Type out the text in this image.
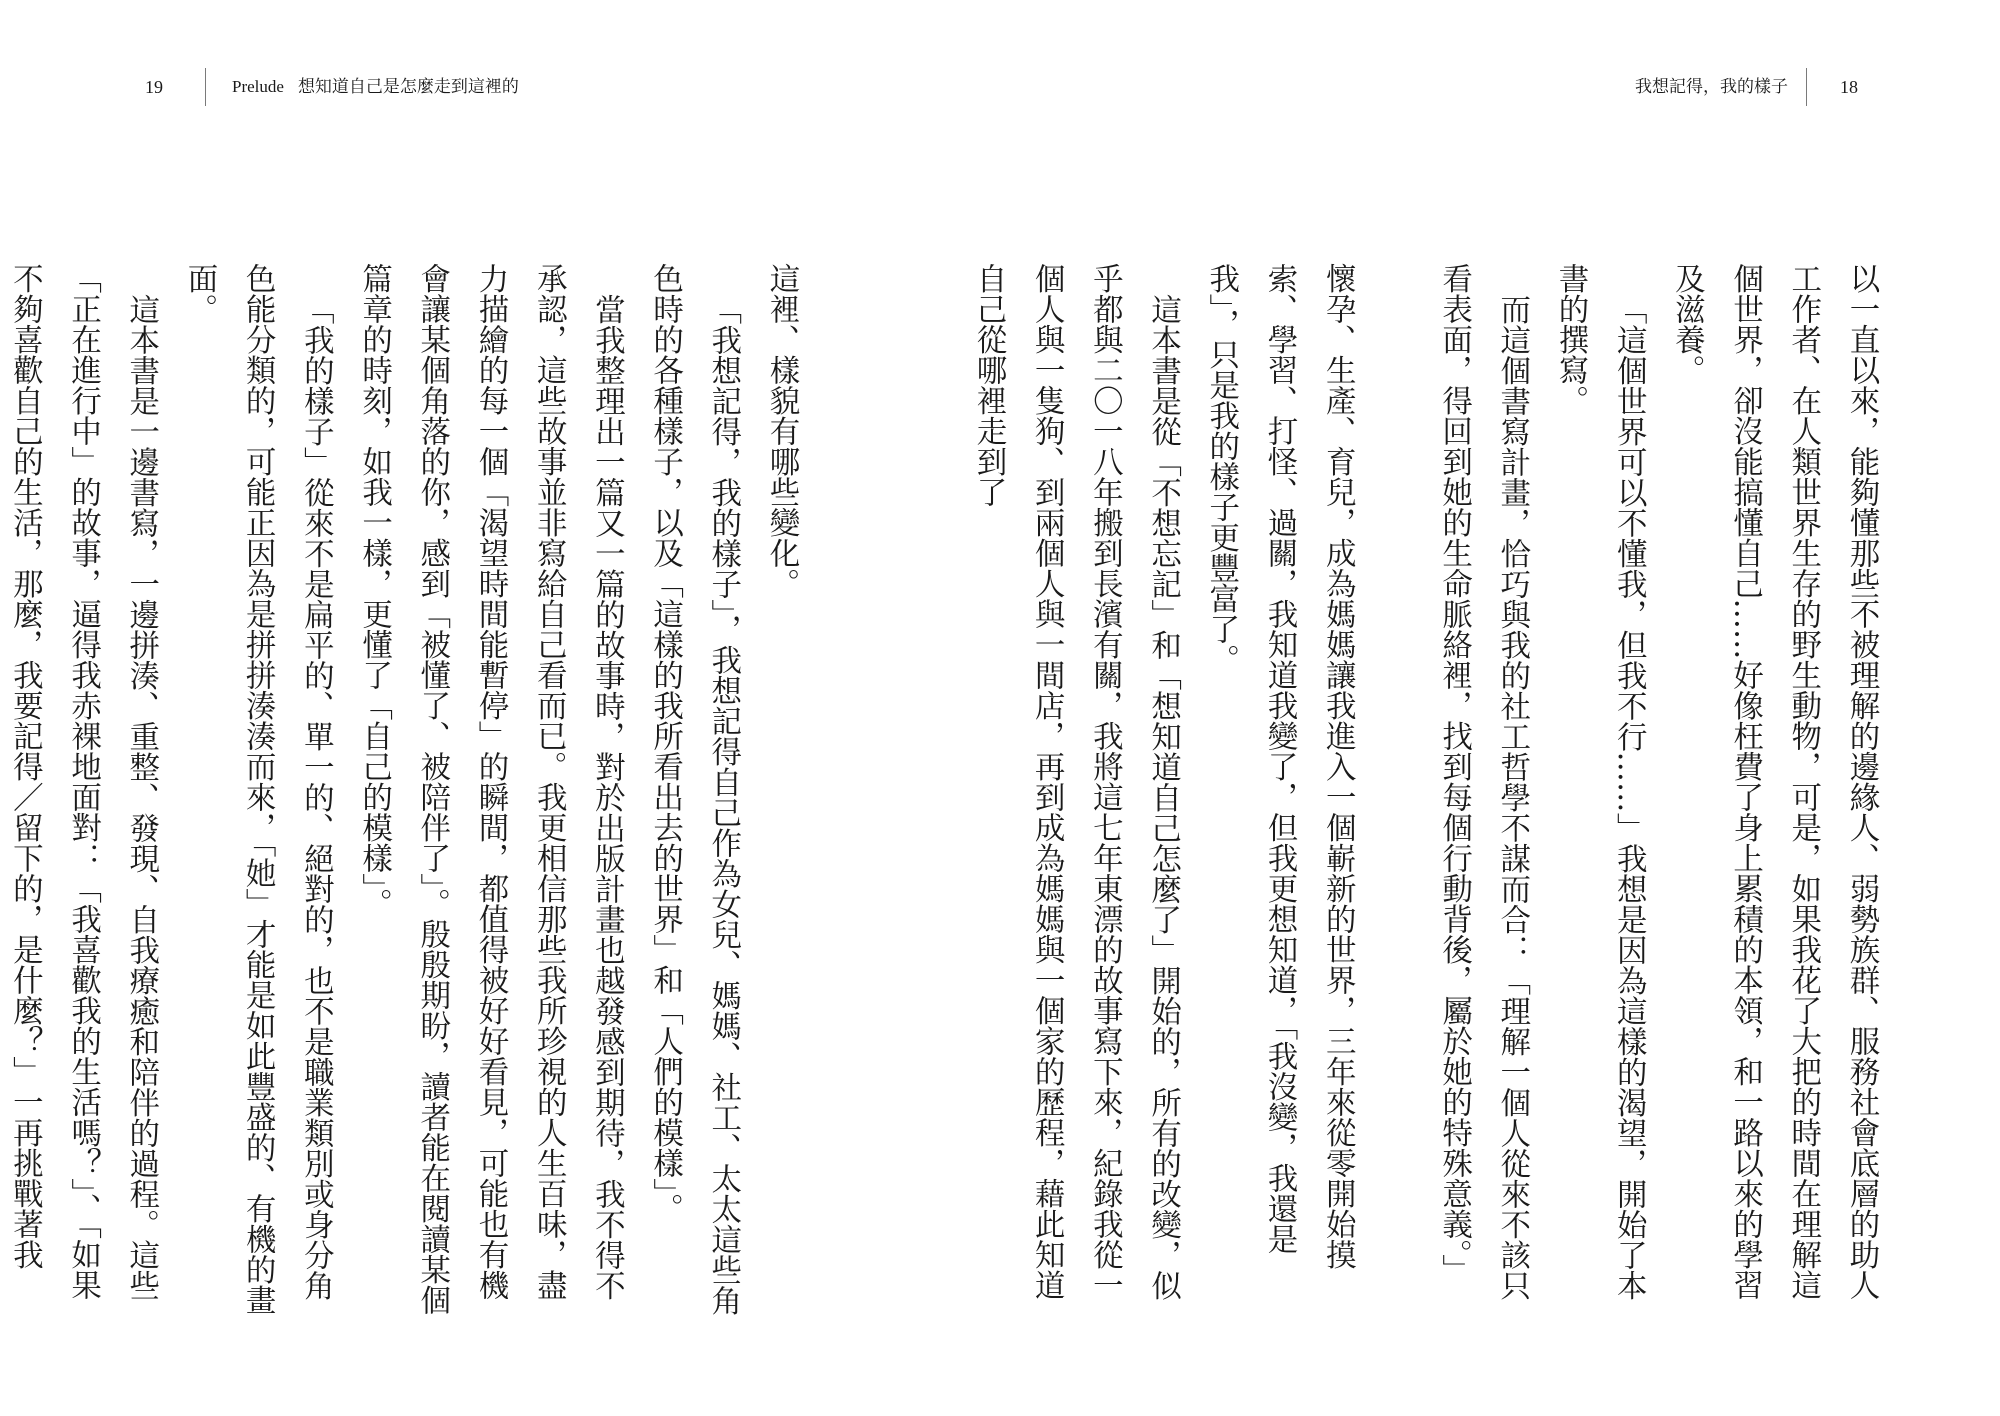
19	Prelude 想知道自己是怎麼走到這裡的	我想記得，我的樣子	18

這裡、樣貌有哪些變化。

「我想記得，我的樣子」，我想記得自己作為女兒、媽媽、社工、太太這些角色時的各種樣子，以及「這樣的我所看出去的世界」和「人們的模樣」。

當我整理出一篇又一篇的故事時，對於出版計畫也越發感到期待，我不得不承認，這些故事並非寫給自己看而已。我更相信那些我所珍視的人生百味，盡力描繪的每一個「渴望時間能暫停」的瞬間，都值得被好好看見，可能也有機會讓某個角落的你，感到「被懂了、被陪伴了」。殷殷期盼，讀者能在閱讀某個篇章的時刻，如我一樣，更懂了「自己的模樣」。

「我的樣子」從來不是扁平的、單一的、絕對的，也不是職業類別或身分角色能分類的，可能正因為是拼拼湊湊而來，「她」才能是如此豐盛的、有機的畫面。

這本書是一邊書寫，一邊拼湊、重整、發現、自我療癒和陪伴的過程。這些「正在進行中」的故事，逼得我赤裸地面對：「我喜歡我的生活嗎？」、「如果不夠喜歡自己的生活，那麼，我要記得／留下的，是什麼？」一再挑戰著我	以一直以來，能夠懂那些不被理解的邊緣人、弱勢族群、服務社會底層的助人工作者、在人類世界生存的野生動物，可是，如果我花了大把的時間在理解這個世界，卻沒能搞懂自己……好像枉費了身上累積的本領，和一路以來的學習及滋養。

「這個世界可以不懂我，但我不行……」我想是因為這樣的渴望，開始了本書的撰寫。

而這個書寫計畫，恰巧與我的社工哲學不謀而合：「理解一個人從來不該只看表面，得回到她的生命脈絡裡，找到每個行動背後，屬於她的特殊意義。」

懷孕、生產、育兒，成為媽媽讓我進入一個嶄新的世界，三年來從零開始摸索、學習、打怪、過關，我知道我變了，但我更想知道，「我沒變，我還是我」，只是我的樣子更豐富了。

這本書是從「不想忘記」和「想知道自己怎麼了」開始的，所有的改變，似乎都與二〇一八年搬到長濱有關，我將這七年東漂的故事寫下來，紀錄我從一個人與一隻狗、到兩個人與一間店，再到成為媽媽與一個家的歷程，藉此知道自己從哪裡走到了
